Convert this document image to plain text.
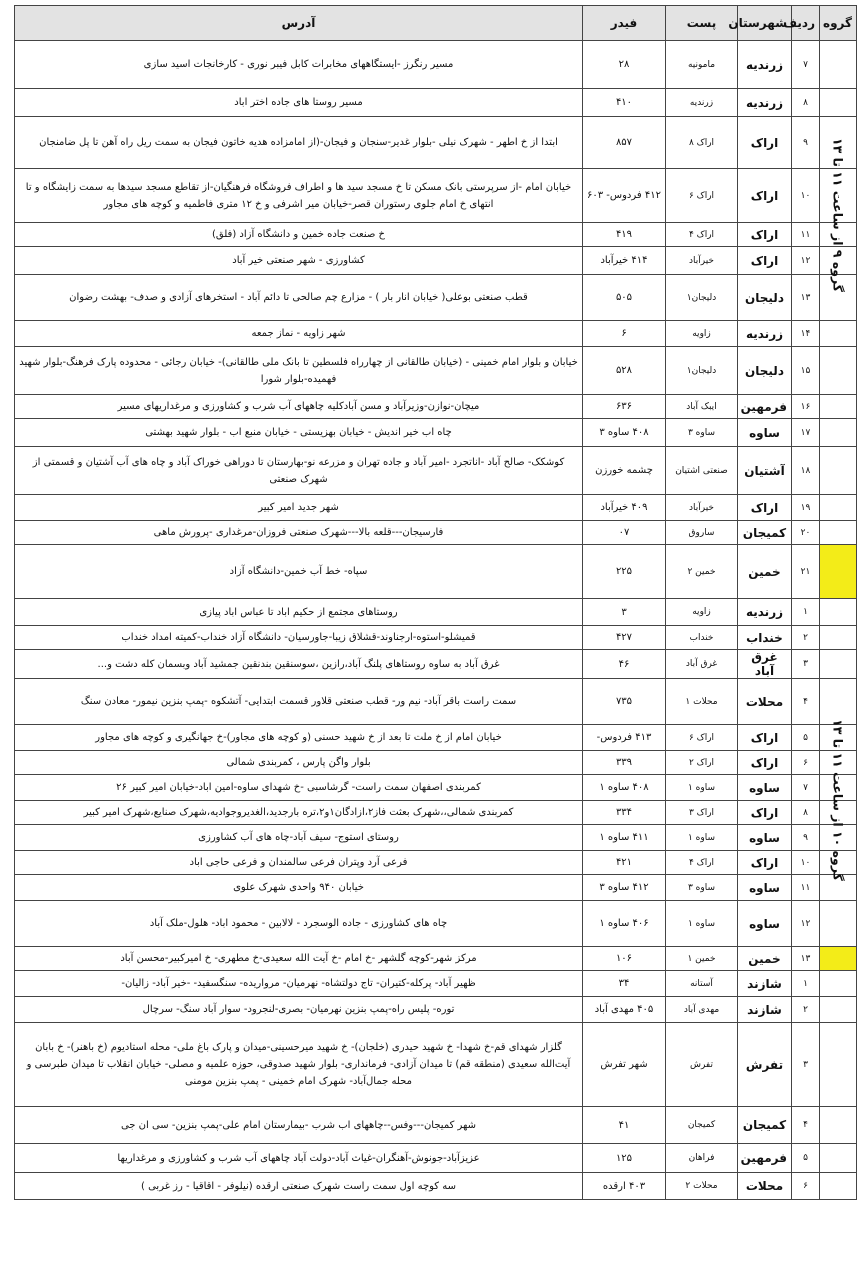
گروه	ردیف	شهرستان	پست	فیدر	آدرس
	۷	زرندیه	مامونیه	۲۸	مسیر رنگرز -ایستگاههای مخابرات کابل فیبر نوری - کارخانجات اسید سازی
	۸	زرندیه	زرندیه	۴۱۰	مسیر روستا های جاده اختر اباد
	۹	اراک	اراک ۸	۸۵۷	ابتدا از خ اطهر - شهرک نیلی -بلوار غدیر-سنجان و فیجان-(از امامزاده هدیه خاتون فیجان به سمت ریل راه آهن تا پل ضامنجان
	۱۰	اراک	اراک ۶	۴۱۲ فردوس- ۶۰۳	خیابان امام -از سرپرستی بانک مسکن تا خ مسجد سید ها و اطراف فروشگاه فرهنگیان-از تقاطع مسجد سیدها به سمت زایشگاه و تا انتهای خ امام جلوی رستوران قصر-خیابان میر اشرفی و خ ۱۲ متری فاطمیه و کوچه های مجاور
	۱۱	اراک	اراک ۴	۴۱۹	خ صنعت جاده خمین و دانشگاه آزاد (فلق)
	۱۲	اراک	خیرآباد	۴۱۴ خیرآباد	کشاورزی - شهر صنعتی خیر آباد
	۱۳	دلیجان	دلیجان۱	۵۰۵	قطب صنعتی بوعلی( خیابان انار بار ) - مزارع چم صالحی تا دائم آباد - استخرهای آزادی و صدف- بهشت رضوان
	۱۴	زرندیه	زاویه	۶	شهر زاویه - نماز جمعه
	۱۵	دلیجان	دلیجان۱	۵۲۸	خیابان و بلوار امام خمینی - (خیابان طالقانی از چهارراه فلسطین تا بانک ملی طالقانی)- خیابان رجائی - محدوده پارک فرهنگ-بلوار شهید فهمیده-بلوار شورا
	۱۶	فرمهین	ایبک آباد	۶۳۶	میچان-نوازن-وزیرآباد و مسن آبادکلیه چاههای آب شرب و کشاورزی و مرغداریهای مسیر
	۱۷	ساوه	ساوه ۳	۴۰۸ ساوه ۳	چاه اب خیر اندیش - خیابان بهزیستی - خیابان منبع اب - بلوار شهید بهشتی
	۱۸	آشتیان	صنعتی اشتیان	چشمه خورزن	کوشکک- صالح آباد -اناتجرد -امیر آباد و جاده تهران و مزرعه نو-بهارستان تا دوراهی خوراک آباد و چاه های آب آشتیان و قسمتی از شهرک صنعتی
	۱۹	اراک	خیرآباد	۴۰۹ خیرآباد	شهر جدید امیر کبیر
	۲۰	کمیجان	ساروق	۰۷	فارسیجان---قلعه بالا---شهرک صنعتی فروزان-مرغداری -پرورش ماهی
	۲۱	خمین	خمین ۲	۲۲۵	سپاه- خط آب خمین-دانشگاه آزاد
	۱	زرندیه	زاویه	۳	روستاهای مجتمع از حکیم اباد تا عباس اباد پیازی
	۲	خنداب	خنداب	۴۲۷	قمیشلو-استوه-ارجناوند-قشلاق زیبا-جاورسیان- دانشگاه آزاد خنداب-کمیته امداد خنداب
	۳	غرق آباد	غرق آباد	۴۶	غرق آباد به ساوه روستاهای پلنگ آباد،رازین ،سوسنقین بندنقین جمشید آباد وبسمان کله دشت و...
	۴	محلات	محلات ۱	۷۳۵	سمت راست باقر آباد- نیم ور- قطب صنعتی قلاور قسمت ابتدایی- آتشکوه -پمپ بنزین نیمور- معادن سنگ
	۵	اراک	اراک ۶	۴۱۳ فردوس-	خیابان امام از خ ملت تا بعد از خ شهید حسنی (و کوچه های مجاور)-خ جهانگیری و کوچه های مجاور
	۶	اراک	اراک ۲	۳۳۹	بلوار واگن پارس ، کمربندی شمالی
	۷	ساوه	ساوه ۱	۴۰۸ ساوه ۱	کمربندی اصفهان سمت راست- گرشاسبی -خ شهدای ساوه-امین اباد-خیابان امیر کبیر ۲۶
	۸	اراک	اراک ۳	۳۳۴	کمربندی شمالی،،شهرک بعثت فاز۲،ازادگان۱و۲،تره بارجدید،الغدیروجوادیه،شهرک صنایع،شهرک امیر کبیر
	۹	ساوه	ساوه ۱	۴۱۱ ساوه ۱	روستای استوج- سیف آباد-چاه های آب کشاورزی
	۱۰	اراک	اراک ۴	۴۲۱	فرعی آرد وپتران فرعی سالمندان و فرعی حاجی اباد
	۱۱	ساوه	ساوه ۳	۴۱۲ ساوه ۳	خیابان ۹۴۰ واحدی شهرک علوی
	۱۲	ساوه	ساوه ۱	۴۰۶ ساوه ۱	چاه های کشاورزی - جاده الوسجرد - لالابین - محمود اباد- هلول-ملک آباد
	۱۳	خمین	خمین ۱	۱۰۶	مرکز شهر-کوچه گلشهر -خ امام -خ آیت الله سعیدی-خ مطهری- خ امیرکبیر-محسن آباد
	۱	شازند	آستانه	۳۴	ظهیر آباد- پرکله-کتیران- تاج دولتشاه- نهرمیان- مرواریده- سنگسفید- -خیر آباد- زالیان-
	۲	شازند	مهدی آباد	۴۰۵ مهدی آباد	توره- پلیس راه-پمپ بنزین نهرمیان- بصری-لنجرود- سوار آباد سنگ- سرچال
	۳	تفرش	تفرش	شهر تفرش	گلزار شهدای قم-خ شهدا- خ شهید حیدری (خلجان)- خ شهید میرحسینی-میدان و پارک باغ ملی- محله استادیوم (خ باهنر)- خ بابان آیت‌الله سعیدی (منطقه قم) تا میدان آزادی- فرمانداری- بلوار شهید صدوقی، حوزه علمیه و مصلی- خیابان انقلاب تا میدان طبرسی و محله جمال‌آباد- شهرک امام خمینی - پمپ بنزین مومنی
	۴	کمیجان	کمیجان	۴۱	شهر کمیجان---وفس--چاههای اب شرب -بیمارستان امام علی-پمپ بنزین- سی ان جی
	۵	فرمهین	فراهان	۱۲۵	عزیزآباد-جونوش-آهنگران-غیاث آباد-دولت آباد چاههای آب شرب و کشاورزی و مرغداریها
	۶	محلات	محلات ۲	۴۰۳ ارقده	سه کوچه اول سمت راست شهرک صنعتی ارقده (نیلوفر - اقاقیا - رز غربی )
گروه ۹ از ساعت ۱۱ تا ۱۳
گروه ۱۰ از ساعت ۱۱ تا ۱۳
